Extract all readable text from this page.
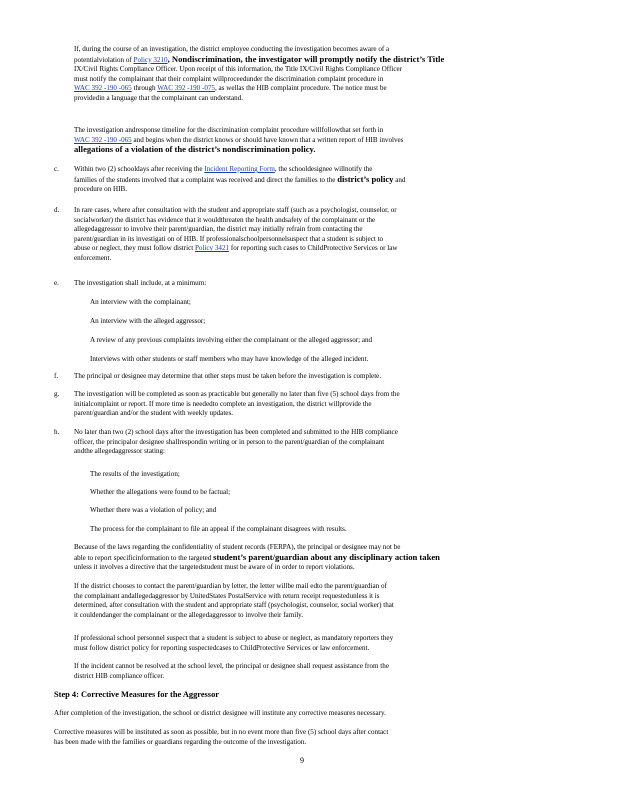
If, during the course of an investigation, the district employee conducting the investigation becomes aware of a
potentialviolation of Policy 3210, Nondiscrimination, the investigator will promptly notify the district’s Title
IX/Civil Rights Compliance Officer. Upon receipt of this information, the Title IX/Civil Rights Compliance Officer
must notify the complainant that their complaint willproceedunder the discrimination complaint procedure in
WAC 392 -190 -065 through WAC 392 -190 -075, as wellas the HIB complaint procedure. The notice must be
providedin a language that the complainant can understand.
The investigation andresponse timeline for the discrimination complaint procedure willfollowthat set forth in
WAC 392 -190 -065 and begins when the district knows or should have known that a written report of HIB involves
allegations of a violation of the district’s nondiscrimination policy.
c. Within two (2) schooldays after receiving the Incident Reporting Form, the schooldesignee willnotify the
families of the students involved that a complaint was received and direct the families to the district’s policy and
procedure on HIB.
d. In rare cases, where after consultation with the student and appropriate staff (such as a psychologist, counselor, or
socialworker) the district has evidence that it wouldthreaten the health andsafety of the complainant or the
allegedaggressor to involve their parent/guardian, the district may initially refrain from contacting the
parent/guardian in its investigati on of HIB. If professionalschoolpersonnelsuspect that a student is subject to
abuse or neglect, they must follow district Policy 3421 for reporting such cases to ChildProtective Services or law
enforcement.
e. The investigation shall include, at a minimum:
An interview with the complainant;
An interview with the alleged aggressor;
A review of any previous complaints involving either the complainant or the alleged aggressor; and
Interviews with other students or staff members who may have knowledge of the alleged incident.
f. The principal or designee may determine that other steps must be taken before the investigation is complete.
g. The investigation will be completed as soon as practicable but generally no later than five (5) school days from the
initialcomplaint or report. If more time is neededto complete an investigation, the district willprovide the
parent/guardian and/or the student with weekly updates.
h. No later than two (2) school days after the investigation has been completed and submitted to the HIB compliance
officer, the principalor designee shallrespondin writing or in person to the parent/guardian of the complainant
andthe allegedaggressor stating:
The results of the investigation;
Whether the allegations were found to be factual;
Whether there was a violation of policy; and
The process for the complainant to file an appeal if the complainant disagrees with results.
Because of the laws regarding the confidentiality of student records (FERPA), the principal or designee may not be
able to report specificinformation to the targeted student’s parent/guardian about any disciplinary action taken
unless it involves a directive that the targetedstudent must be aware of in order to report violations.
If the district chooses to contact the parent/guardian by letter, the letter willbe mail edto the parent/guardian of
the complainant andallegedaggressor by UnitedStates PostalService with return receipt requestedunless it is
determined, after consultation with the student and appropriate staff (psychologist, counselor, social worker) that
it couldendanger the complainant or the allegedaggressor to involve their family.
If professional school personnel suspect that a student is subject to abuse or neglect, as mandatory reporters they
must follow district policy for reporting suspectedcases to ChildProtective Services or law enforcement.
If the incident cannot be resolved at the school level, the principal or designee shall request assistance from the
district HIB compliance officer.
Step 4: Corrective Measures for the Aggressor
After completion of the investigation, the school or district designee will institute any corrective measures necessary.
Corrective measures will be instituted as soon as possible, but in no event more than five (5) school days after contact
has been made with the families or guardians regarding the outcome of the investigation.
9
